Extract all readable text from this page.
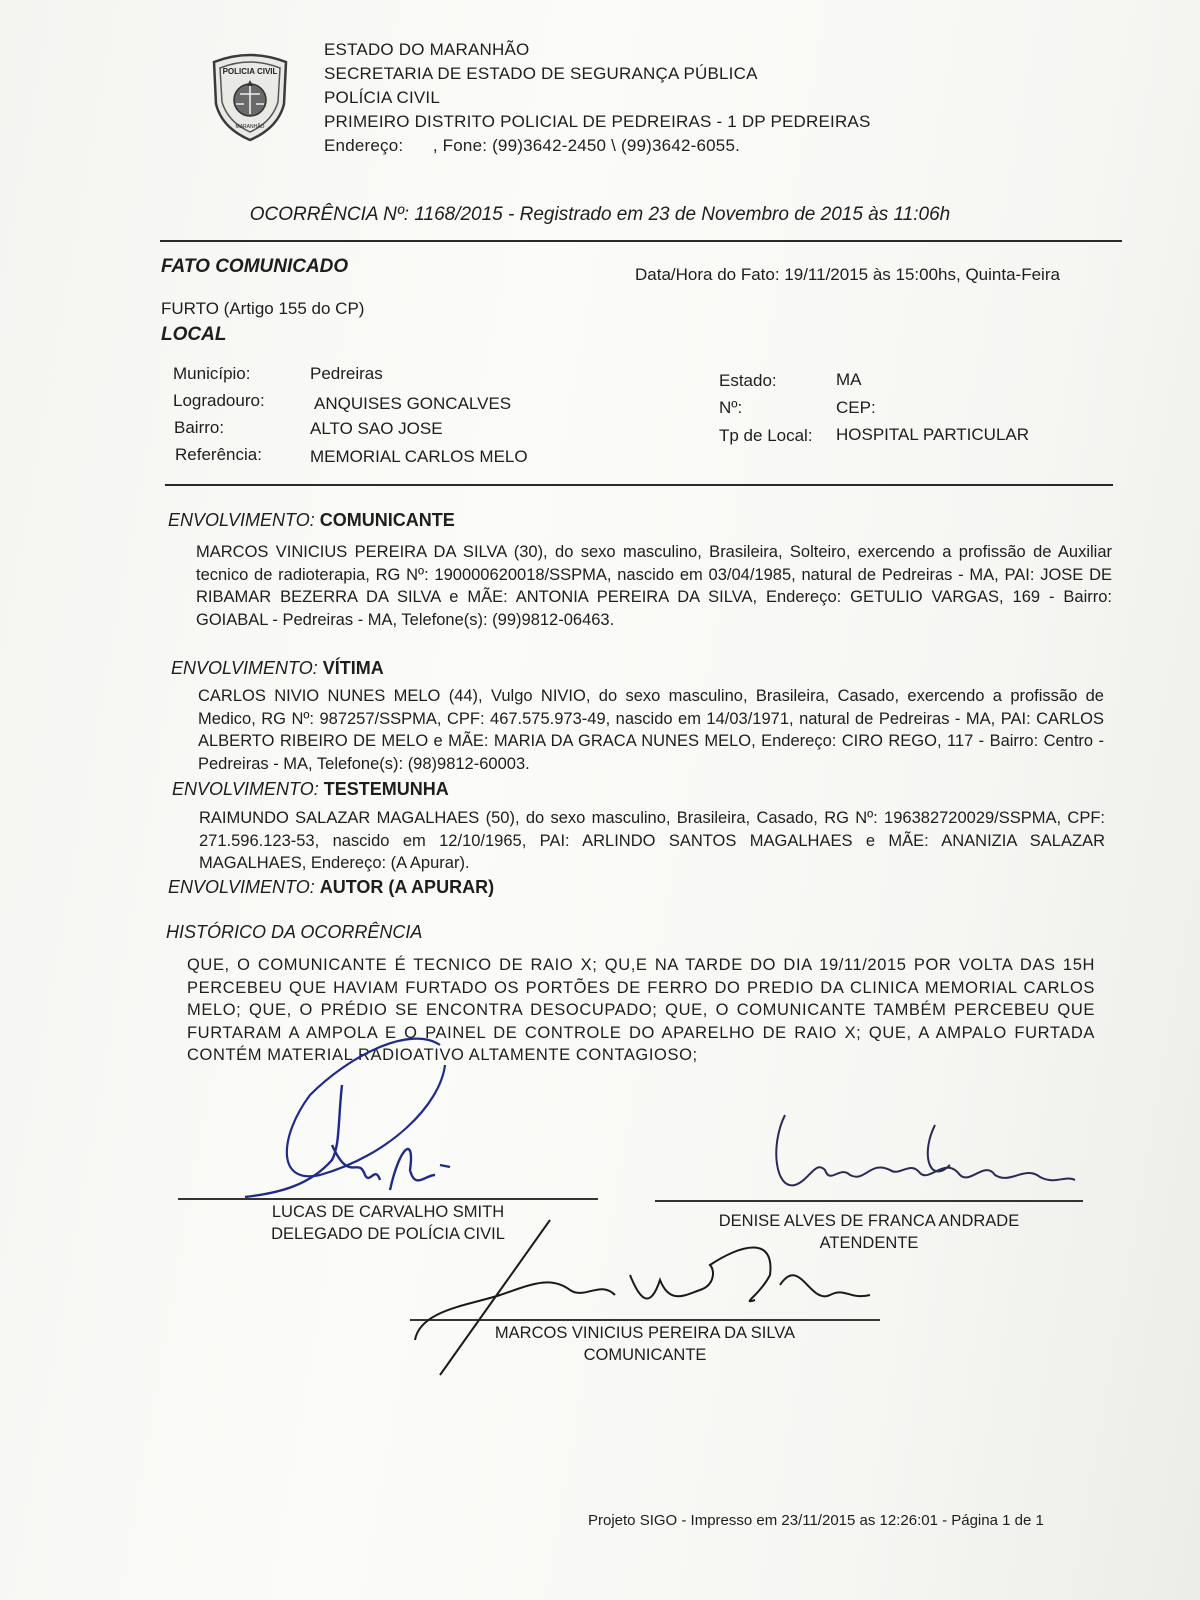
POLICIA CIVIL
MARANHÃO
ESTADO DO MARANHÃO
SECRETARIA DE ESTADO DE SEGURANÇA PÚBLICA
POLÍCIA CIVIL
PRIMEIRO DISTRITO POLICIAL DE PEDREIRAS - 1 DP PEDREIRAS
Endereço:      , Fone: (99)3642-2450 \ (99)3642-6055.
OCORRÊNCIA Nº: 1168/2015 - Registrado em 23 de Novembro de 2015 às 11:06h
FATO COMUNICADO	Data/Hora do Fato: 19/11/2015 às 15:00hs, Quinta-Feira
FURTO (Artigo 155 do CP)
LOCAL
Município:	Pedreiras
Logradouro:	ANQUISES GONCALVES
Bairro:	ALTO SAO JOSE
Referência:	MEMORIAL CARLOS MELO
Estado:	MA
Nº:	CEP:
Tp de Local: HOSPITAL PARTICULAR
ENVOLVIMENTO: COMUNICANTE
MARCOS VINICIUS PEREIRA DA SILVA (30), do sexo masculino, Brasileira, Solteiro, exercendo a profissão de Auxiliar tecnico de radioterapia, RG Nº: 190000620018/SSPMA, nascido em 03/04/1985, natural de Pedreiras - MA, PAI: JOSE DE RIBAMAR BEZERRA DA SILVA e MÃE: ANTONIA PEREIRA DA SILVA, Endereço: GETULIO VARGAS, 169 - Bairro: GOIABAL - Pedreiras - MA, Telefone(s): (99)9812-06463.
ENVOLVIMENTO: VÍTIMA
CARLOS NIVIO NUNES MELO (44), Vulgo NIVIO, do sexo masculino, Brasileira, Casado, exercendo a profissão de Medico, RG Nº: 987257/SSPMA, CPF: 467.575.973-49, nascido em 14/03/1971, natural de Pedreiras - MA, PAI: CARLOS ALBERTO RIBEIRO DE MELO e MÃE: MARIA DA GRACA NUNES MELO, Endereço: CIRO REGO, 117 - Bairro: Centro - Pedreiras - MA, Telefone(s): (98)9812-60003.
ENVOLVIMENTO: TESTEMUNHA
RAIMUNDO SALAZAR MAGALHAES (50), do sexo masculino, Brasileira, Casado, RG Nº: 196382720029/SSPMA, CPF: 271.596.123-53, nascido em 12/10/1965, PAI: ARLINDO SANTOS MAGALHAES e MÃE: ANANIZIA SALAZAR MAGALHAES, Endereço: (A Apurar).
ENVOLVIMENTO: AUTOR (A APURAR)
HISTÓRICO DA OCORRÊNCIA
QUE, O COMUNICANTE É TECNICO DE RAIO X; QU,E NA TARDE DO DIA 19/11/2015 POR VOLTA DAS 15H PERCEBEU QUE HAVIAM FURTADO OS PORTÕES DE FERRO DO PREDIO DA CLINICA MEMORIAL CARLOS MELO; QUE, O PRÉDIO SE ENCONTRA DESOCUPADO; QUE, O COMUNICANTE TAMBÉM PERCEBEU QUE FURTARAM A AMPOLA E O PAINEL DE CONTROLE DO APARELHO DE RAIO X; QUE, A AMPALO FURTADA CONTÉM MATERIAL RADIOATIVO ALTAMENTE CONTAGIOSO;
LUCAS DE CARVALHO SMITH
DELEGADO DE POLÍCIA CIVIL
DENISE ALVES DE FRANCA ANDRADE
ATENDENTE
MARCOS VINICIUS PEREIRA DA SILVA
COMUNICANTE
Projeto SIGO - Impresso em 23/11/2015 as 12:26:01 - Página 1 de 1
